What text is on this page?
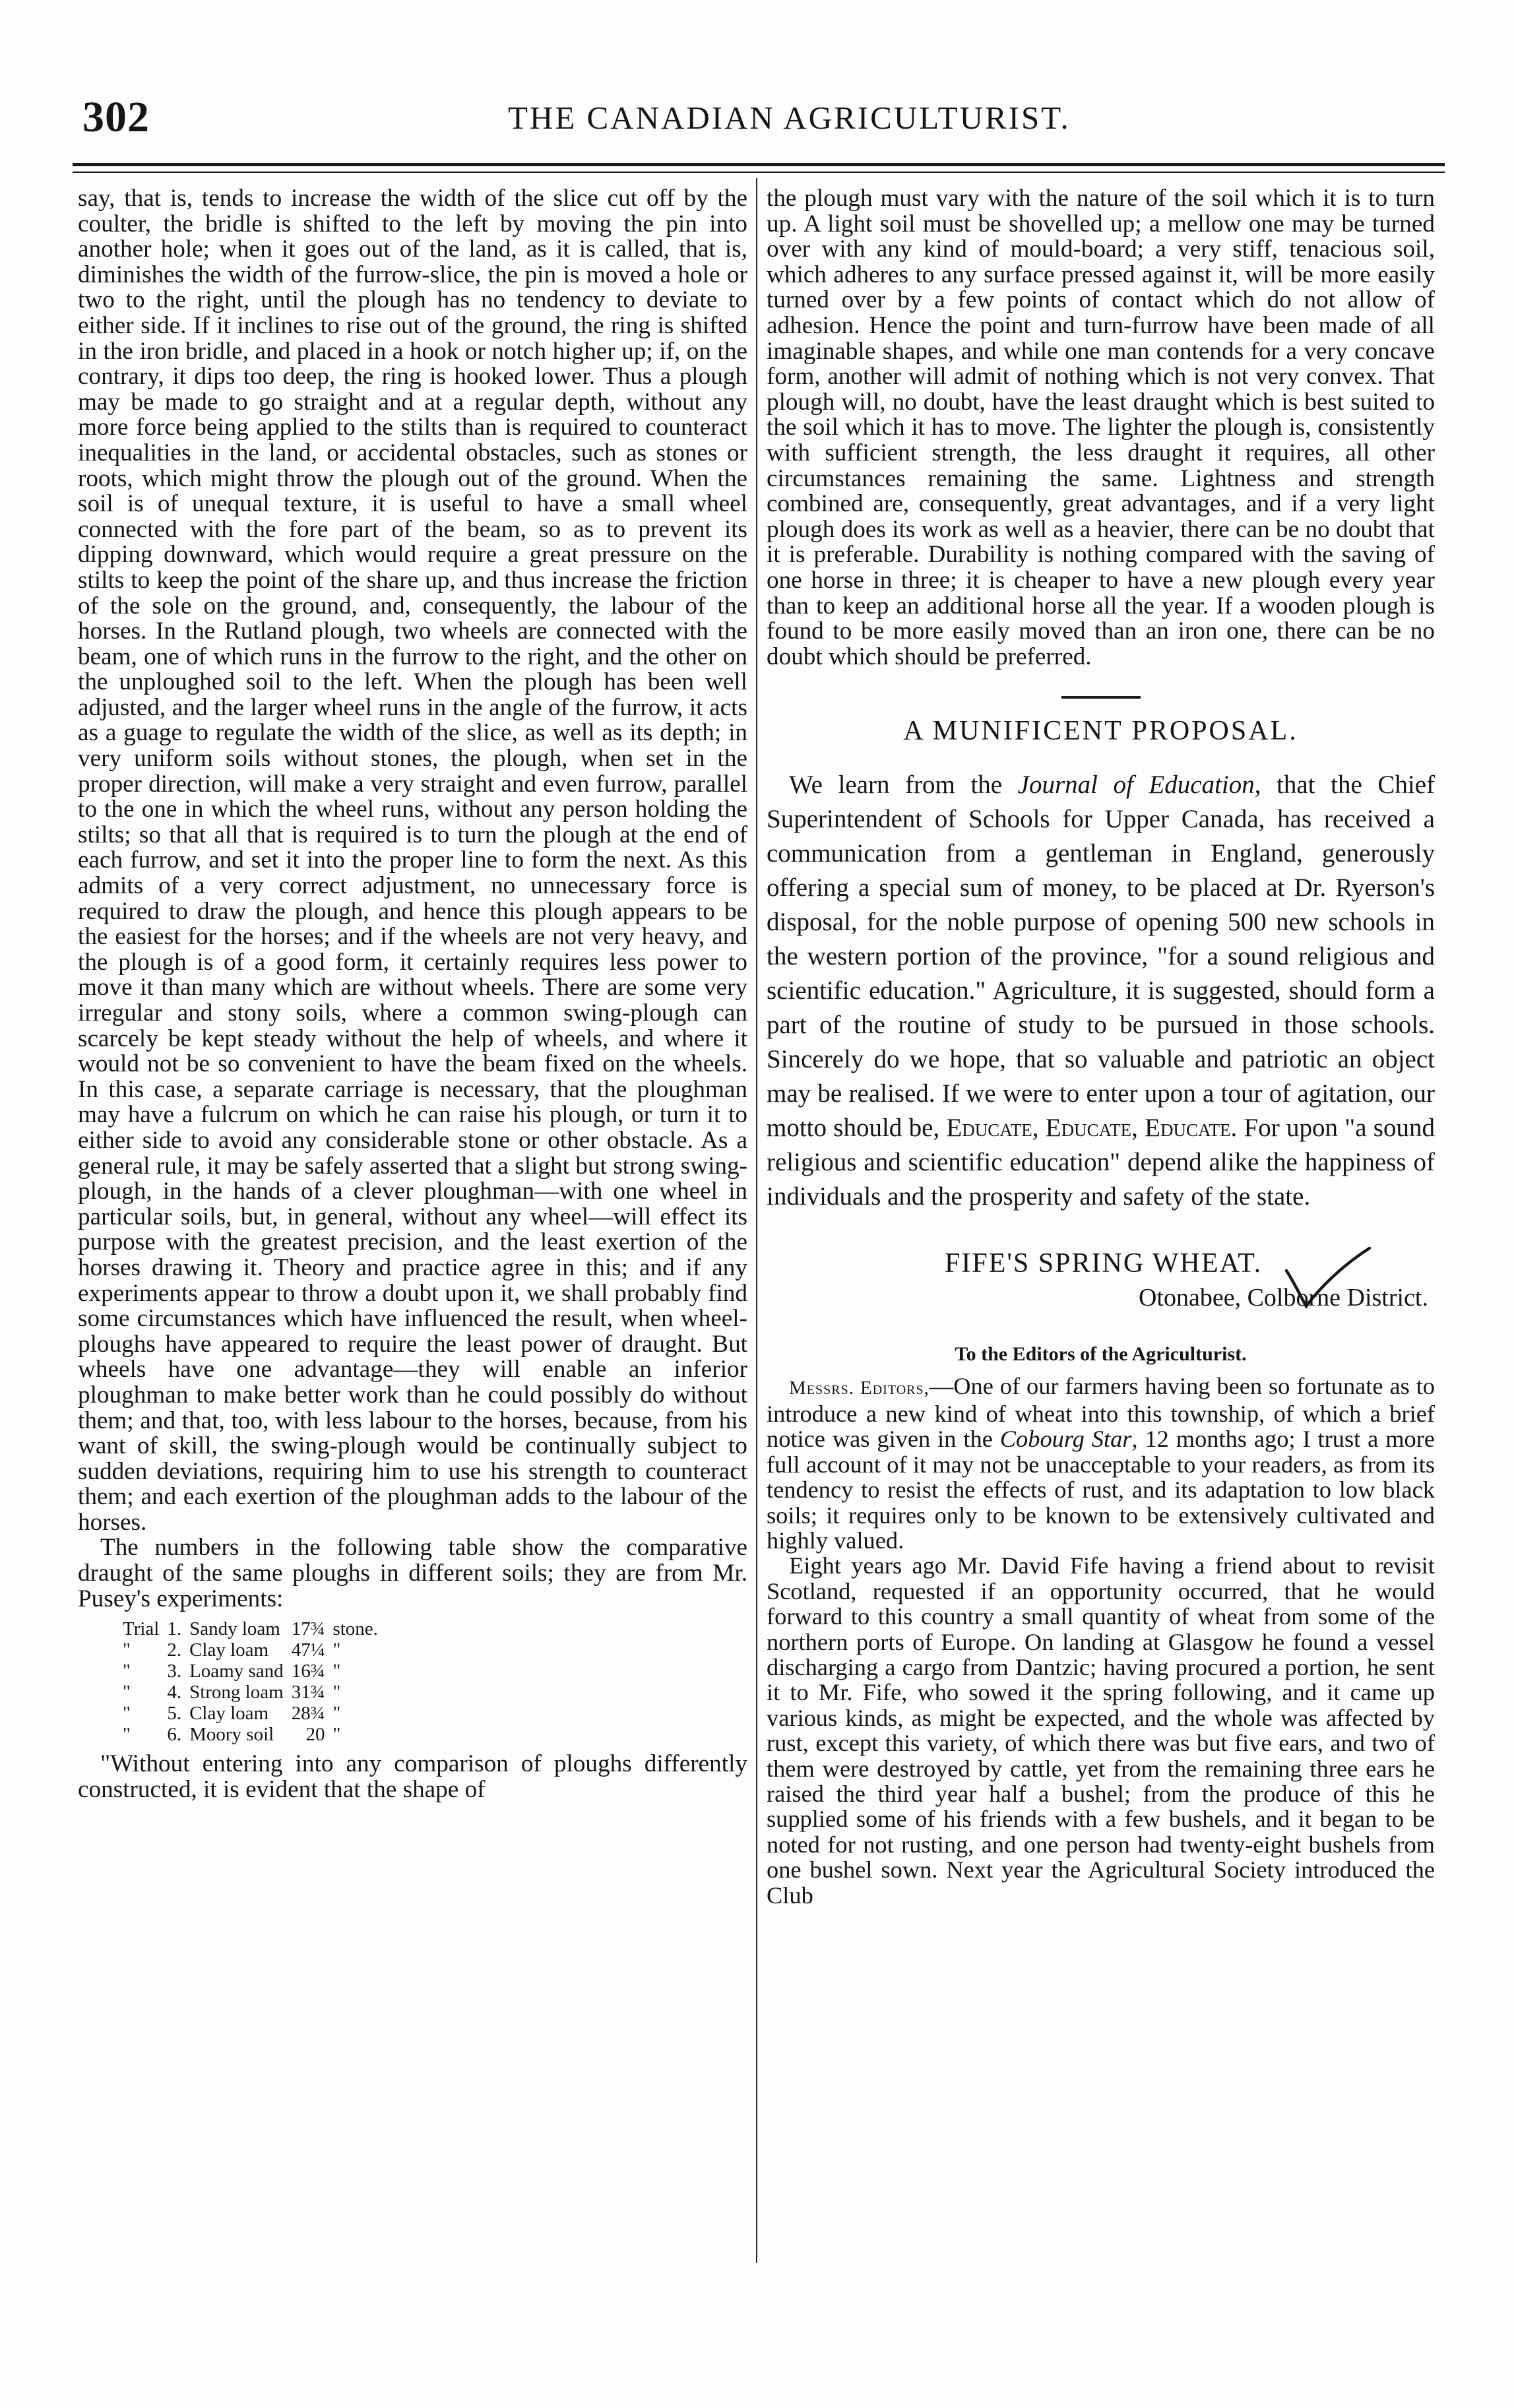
302	THE CANADIAN AGRICULTURIST.

say, that is, tends to increase the width of the slice cut off by the coulter, the bridle is shifted to the left by moving the pin into another hole; when it goes out of the land, as it is called, that is, diminishes the width of the furrow-slice, the pin is moved a hole or two to the right, until the plough has no tendency to deviate to either side. If it inclines to rise out of the ground, the ring is shifted in the iron bridle, and placed in a hook or notch higher up; if, on the contrary, it dips too deep, the ring is hooked lower. Thus a plough may be made to go straight and at a regular depth, without any more force being applied to the stilts than is required to counteract inequalities in the land, or accidental obstacles, such as stones or roots, which might throw the plough out of the ground. When the soil is of unequal texture, it is useful to have a small wheel connected with the fore part of the beam, so as to prevent its dipping downward, which would require a great pressure on the stilts to keep the point of the share up, and thus increase the friction of the sole on the ground, and, consequently, the labour of the horses. In the Rutland plough, two wheels are connected with the beam, one of which runs in the furrow to the right, and the other on the unploughed soil to the left. When the plough has been well adjusted, and the larger wheel runs in the angle of the furrow, it acts as a guage to regulate the width of the slice, as well as its depth; in very uniform soils without stones, the plough, when set in the proper direction, will make a very straight and even furrow, parallel to the one in which the wheel runs, without any person holding the stilts; so that all that is required is to turn the plough at the end of each furrow, and set it into the proper line to form the next. As this admits of a very correct adjustment, no unnecessary force is required to draw the plough, and hence this plough appears to be the easiest for the horses; and if the wheels are not very heavy, and the plough is of a good form, it certainly requires less power to move it than many which are without wheels. There are some very irregular and stony soils, where a common swing-plough can scarcely be kept steady without the help of wheels, and where it would not be so convenient to have the beam fixed on the wheels. In this case, a separate carriage is necessary, that the ploughman may have a fulcrum on which he can raise his plough, or turn it to either side to avoid any considerable stone or other obstacle. As a general rule, it may be safely asserted that a slight but strong swing-plough, in the hands of a clever ploughman—with one wheel in particular soils, but, in general, without any wheel—will effect its purpose with the greatest precision, and the least exertion of the horses drawing it. Theory and practice agree in this; and if any experiments appear to throw a doubt upon it, we shall probably find some circumstances which have influenced the result, when wheel-ploughs have appeared to require the least power of draught. But wheels have one advantage—they will enable an inferior ploughman to make better work than he could possibly do without them; and that, too, with less labour to the horses, because, from his want of skill, the swing-plough would be continually subject to sudden deviations, requiring him to use his strength to counteract them; and each exertion of the ploughman adds to the labour of the horses.

The numbers in the following table show the comparative draught of the same ploughs in different soils; they are from Mr. Pusey's experiments:

Trial	1.	Sandy loam	17¾	stone.
"	2.	Clay loam	47¼	"
"	3.	Loamy sand	16¾	"
"	4.	Strong loam	31¾	"
"	5.	Clay loam	28¾	"
"	6.	Moory soil	20	"

"Without entering into any comparison of ploughs differently constructed, it is evident that the shape of

the plough must vary with the nature of the soil which it is to turn up. A light soil must be shovelled up; a mellow one may be turned over with any kind of mould-board; a very stiff, tenacious soil, which adheres to any surface pressed against it, will be more easily turned over by a few points of contact which do not allow of adhesion. Hence the point and turn-furrow have been made of all imaginable shapes, and while one man contends for a very concave form, another will admit of nothing which is not very convex. That plough will, no doubt, have the least draught which is best suited to the soil which it has to move. The lighter the plough is, consistently with sufficient strength, the less draught it requires, all other circumstances remaining the same. Lightness and strength combined are, consequently, great advantages, and if a very light plough does its work as well as a heavier, there can be no doubt that it is preferable. Durability is nothing compared with the saving of one horse in three; it is cheaper to have a new plough every year than to keep an additional horse all the year. If a wooden plough is found to be more easily moved than an iron one, there can be no doubt which should be preferred.

A MUNIFICENT PROPOSAL.

We learn from the Journal of Education, that the Chief Superintendent of Schools for Upper Canada, has received a communication from a gentleman in England, generously offering a special sum of money, to be placed at Dr. Ryerson's disposal, for the noble purpose of opening 500 new schools in the western portion of the province, "for a sound religious and scientific education." Agriculture, it is suggested, should form a part of the routine of study to be pursued in those schools. Sincerely do we hope, that so valuable and patriotic an object may be realised. If we were to enter upon a tour of agitation, our motto should be, Educate, Educate, Educate. For upon "a sound religious and scientific education" depend alike the happiness of individuals and the prosperity and safety of the state.

FIFE'S SPRING WHEAT.
Otonabee, Colborne District.
To the Editors of the Agriculturist.

Messrs. Editors,—One of our farmers having been so fortunate as to introduce a new kind of wheat into this township, of which a brief notice was given in the Cobourg Star, 12 months ago; I trust a more full account of it may not be unacceptable to your readers, as from its tendency to resist the effects of rust, and its adaptation to low black soils; it requires only to be known to be extensively cultivated and highly valued.

Eight years ago Mr. David Fife having a friend about to revisit Scotland, requested if an opportunity occurred, that he would forward to this country a small quantity of wheat from some of the northern ports of Europe. On landing at Glasgow he found a vessel discharging a cargo from Dantzic; having procured a portion, he sent it to Mr. Fife, who sowed it the spring following, and it came up various kinds, as might be expected, and the whole was affected by rust, except this variety, of which there was but five ears, and two of them were destroyed by cattle, yet from the remaining three ears he raised the third year half a bushel; from the produce of this he supplied some of his friends with a few bushels, and it began to be noted for not rusting, and one person had twenty-eight bushels from one bushel sown. Next year the Agricultural Society introduced the Club
